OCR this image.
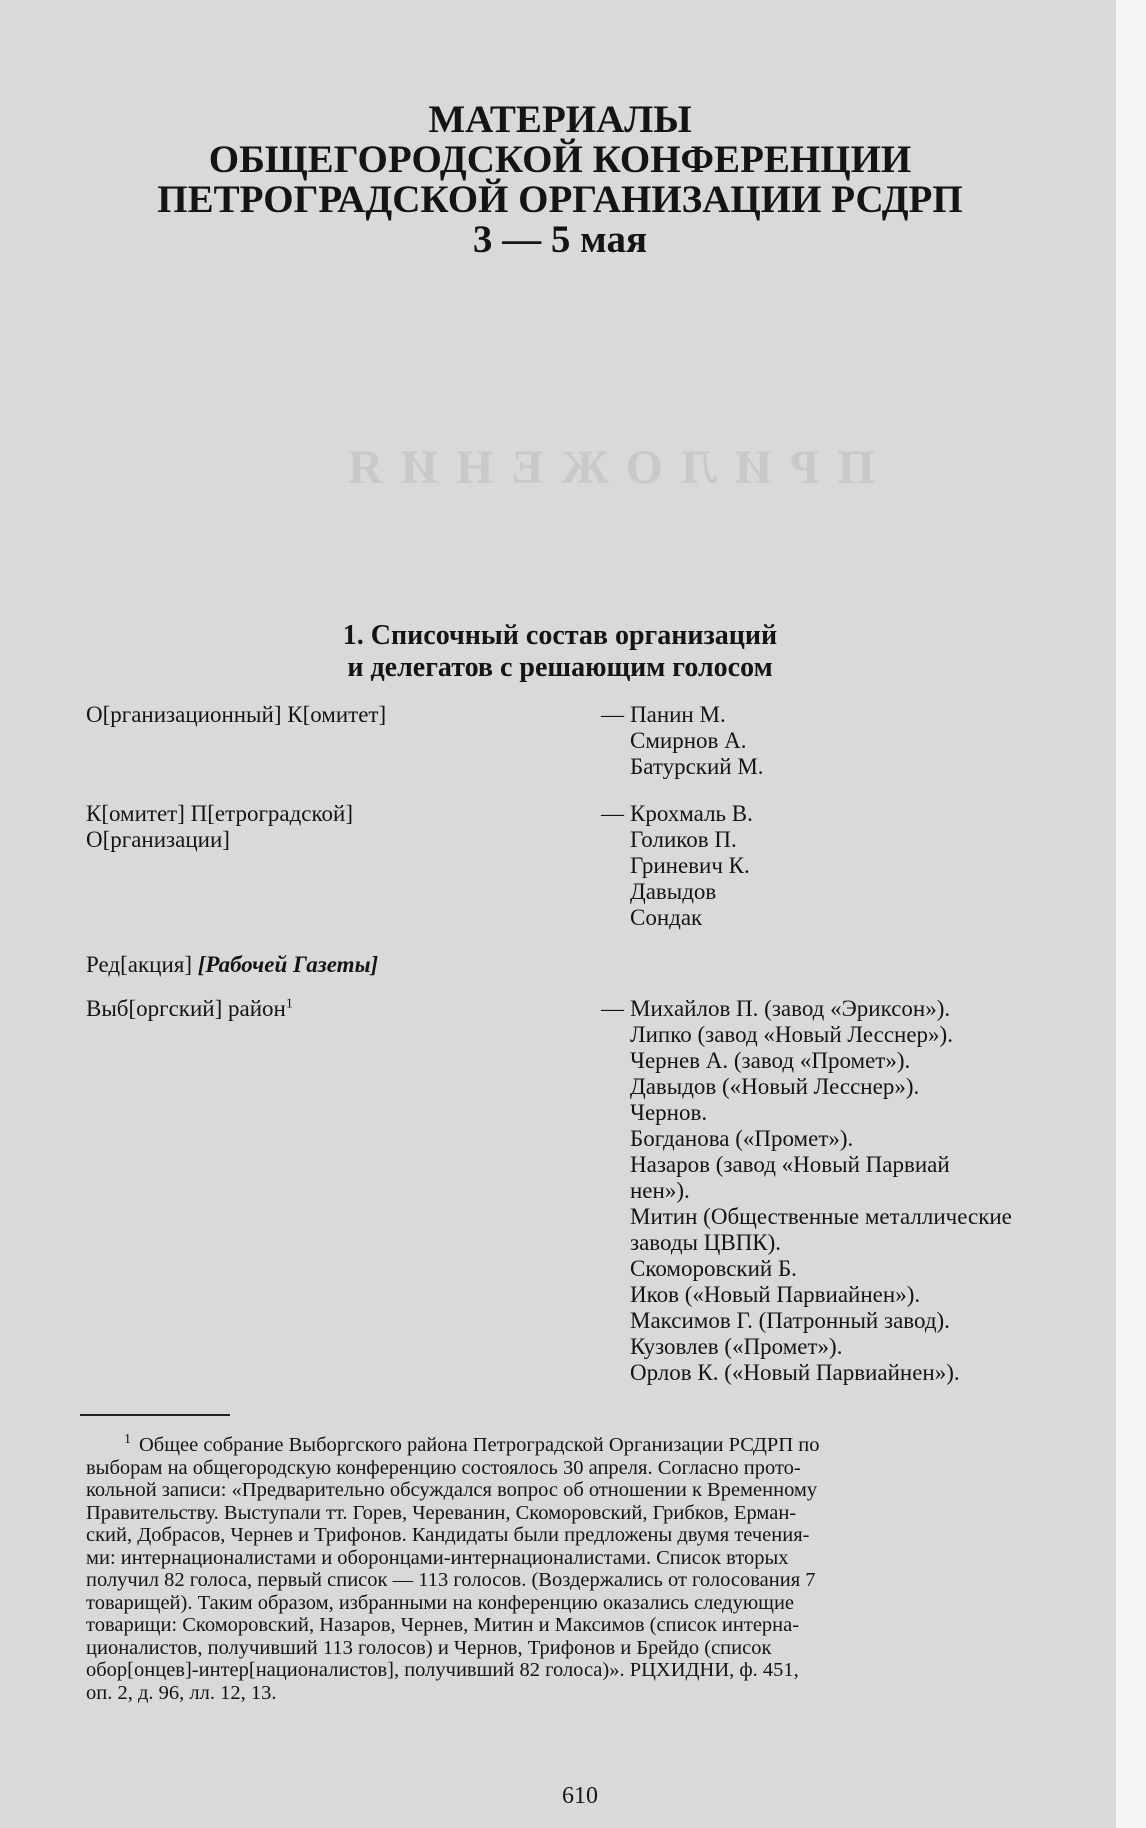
ПРИЛОЖЕНИЯ
МАТЕРИАЛЫ
ОБЩЕГОРОДСКОЙ КОНФЕРЕНЦИИ
ПЕТРОГРАДСКОЙ ОРГАНИЗАЦИИ РСДРП
3 — 5 мая
1. Списочный состав организаций
и делегатов с решающим голосом
О[рганизационный] К[омитет]	— Панин М.
Смирнов А.
Батурский М.
К[омитет] П[етроградской]
О[рганизации]
— Крохмаль В.
Голиков П.
Гриневич К.
Давыдов
Сондак
Ред[акция] [Рабочей Газеты]
Выб[оргский] район$^1$	— Михайлов П. (завод «Эриксон»).
Липко (завод «Новый Лесснер»).
Чернев А. (завод «Промет»).
Давыдов («Новый Лесснер»).
Чернов.
Богданова («Промет»).
Назаров (завод «Новый Парвиай
нен»).
Митин (Общественные металлические
заводы ЦВПК).
Скоморовский Б.
Иков («Новый Парвиайнен»).
Максимов Г. (Патронный завод).
Кузовлев («Промет»).
Орлов К. («Новый Парвиайнен»).
$^1$ Общее собрание Выборгского района Петроградской Организации РСДРП по
выборам на общегородскую конференцию состоялось 30 апреля. Согласно прото-
кольной записи: «Предварительно обсуждался вопрос об отношении к Временному
Правительству. Выступали тт. Горев, Череванин, Скоморовский, Грибков, Ерман-
ский, Добрасов, Чернев и Трифонов. Кандидаты были предложены двумя течения-
ми: интернационалистами и оборонцами-интернационалистами. Список вторых
получил 82 голоса, первый список — 113 голосов. (Воздержались от голосования 7
товарищей). Таким образом, избранными на конференцию оказались следующие
товарищи: Скоморовский, Назаров, Чернев, Митин и Максимов (список интерна-
ционалистов, получивший 113 голосов) и Чернов, Трифонов и Брейдо (список
обор[онцев]-интер[националистов], получивший 82 голоса)». РЦХИДНИ, ф. 451,
оп. 2, д. 96, лл. 12, 13.
610
